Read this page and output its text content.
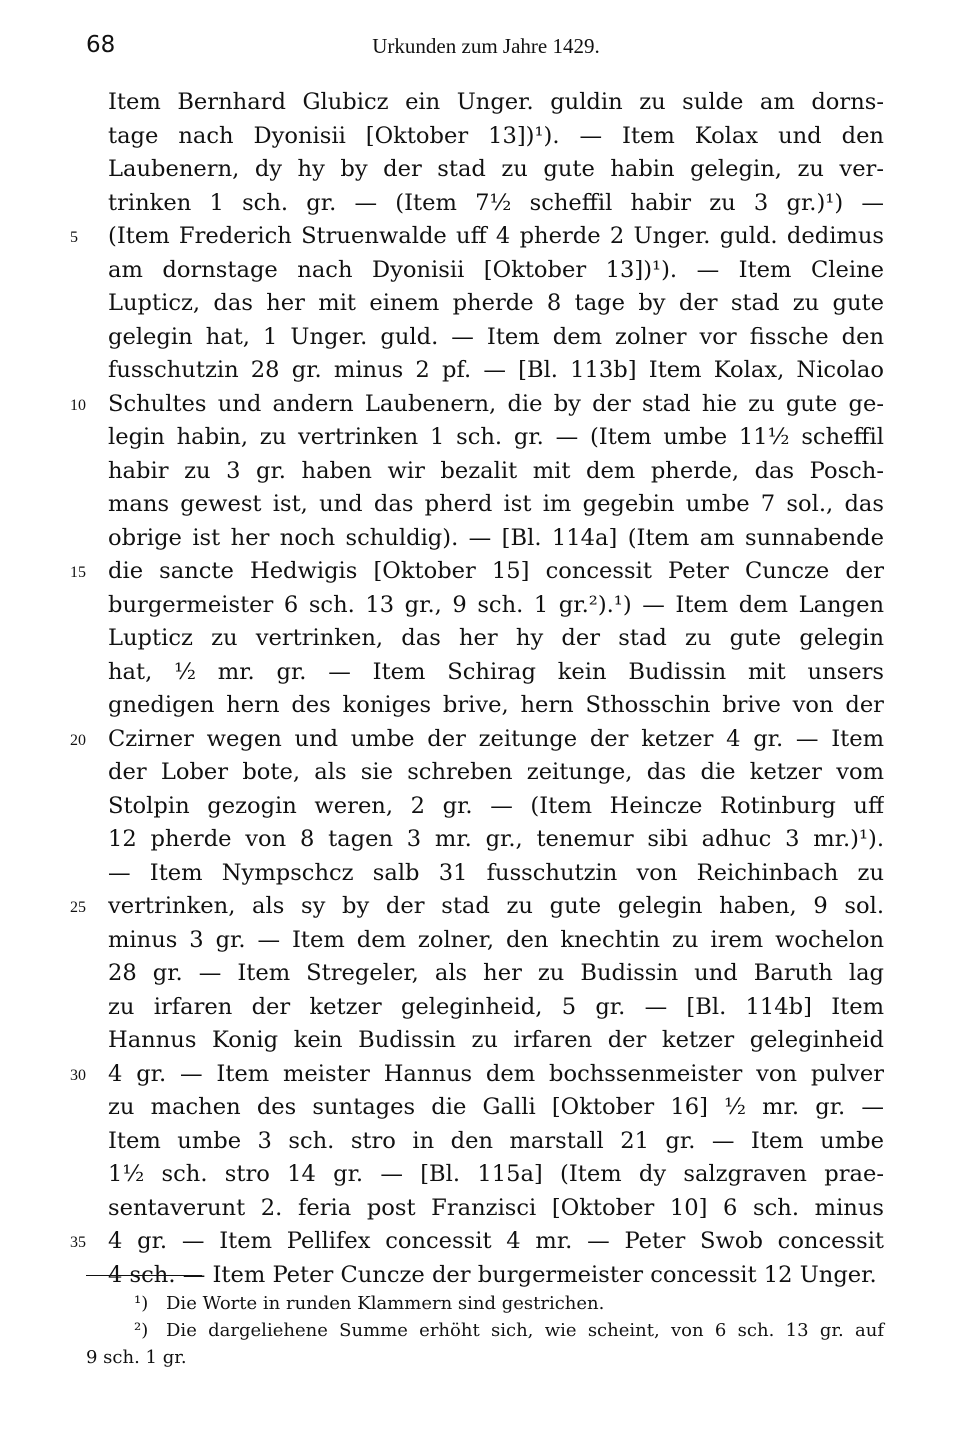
68	Urkunden zum Jahre 1429.
Item Bernhard Glubicz ein Unger. guldin zu sulde am dorns-
tage nach Dyonisii [Oktober 13])¹). — Item Kolax und den
Laubenern, dy hy by der stad zu gute habin gelegin, zu ver-
trinken 1 sch. gr. — (Item 7½ scheffil habir zu 3 gr.)¹) —
5	(Item Frederich Struenwalde uff 4 pherde 2 Unger. guld. dedimus
am dornstage nach Dyonisii [Oktober 13])¹). — Item Cleine
Lupticz, das her mit einem pherde 8 tage by der stad zu gute
gelegin hat, 1 Unger. guld. — Item dem zolner vor fissche den
fusschutzin 28 gr. minus 2 pf. — [Bl. 113b] Item Kolax, Nicolao
10 Schultes und andern Laubenern, die by der stad hie zu gute ge-
legin habin, zu vertrinken 1 sch. gr. — (Item umbe 11½ scheffil
habir zu 3 gr. haben wir bezalit mit dem pherde, das Posch-
mans gewest ist, und das pherd ist im gegebin umbe 7 sol., das
obrige ist her noch schuldig). — [Bl. 114a] (Item am sunnabende
15 die sancte Hedwigis [Oktober 15] concessit Peter Cuncze der
burgermeister 6 sch. 13 gr., 9 sch. 1 gr.²).¹) — Item dem Langen
Lupticz zu vertrinken, das her hy der stad zu gute gelegin
hat, ½ mr. gr. — Item Schirag kein Budissin mit unsers
gnedigen hern des koniges brive, hern Sthosschin brive von der
20 Czirner wegen und umbe der zeitunge der ketzer 4 gr. — Item
der Lober bote, als sie schreben zeitunge, das die ketzer vom
Stolpin gezogin weren, 2 gr. — (Item Heincze Rotinburg uff
12 pherde von 8 tagen 3 mr. gr., tenemur sibi adhuc 3 mr.)¹).
— Item Nympschcz salb 31 fusschutzin von Reichinbach zu
25 vertrinken, als sy by der stad zu gute gelegin haben, 9 sol.
minus 3 gr. — Item dem zolner, den knechtin zu irem wochelon
28 gr. — Item Stregeler, als her zu Budissin und Baruth lag
zu irfaren der ketzer geleginheid, 5 gr. — [Bl. 114b] Item
Hannus Konig kein Budissin zu irfaren der ketzer geleginheid
30 4 gr. — Item meister Hannus dem bochssenmeister von pulver
zu machen des suntages die Galli [Oktober 16] ½ mr. gr. —
Item umbe 3 sch. stro in den marstall 21 gr. — Item umbe
1½ sch. stro 14 gr. — [Bl. 115a] (Item dy salzgraven prae-
sentaverunt 2. feria post Franzisci [Oktober 10] 6 sch. minus
35 4 gr. — Item Pellifex concessit 4 mr. — Peter Swob concessit
4 sch. — Item Peter Cuncze der burgermeister concessit 12 Unger.
¹) Die Worte in runden Klammern sind gestrichen.
²) Die dargeliehene Summe erhöht sich, wie scheint, von 6 sch. 13 gr. auf
9 sch. 1 gr.
